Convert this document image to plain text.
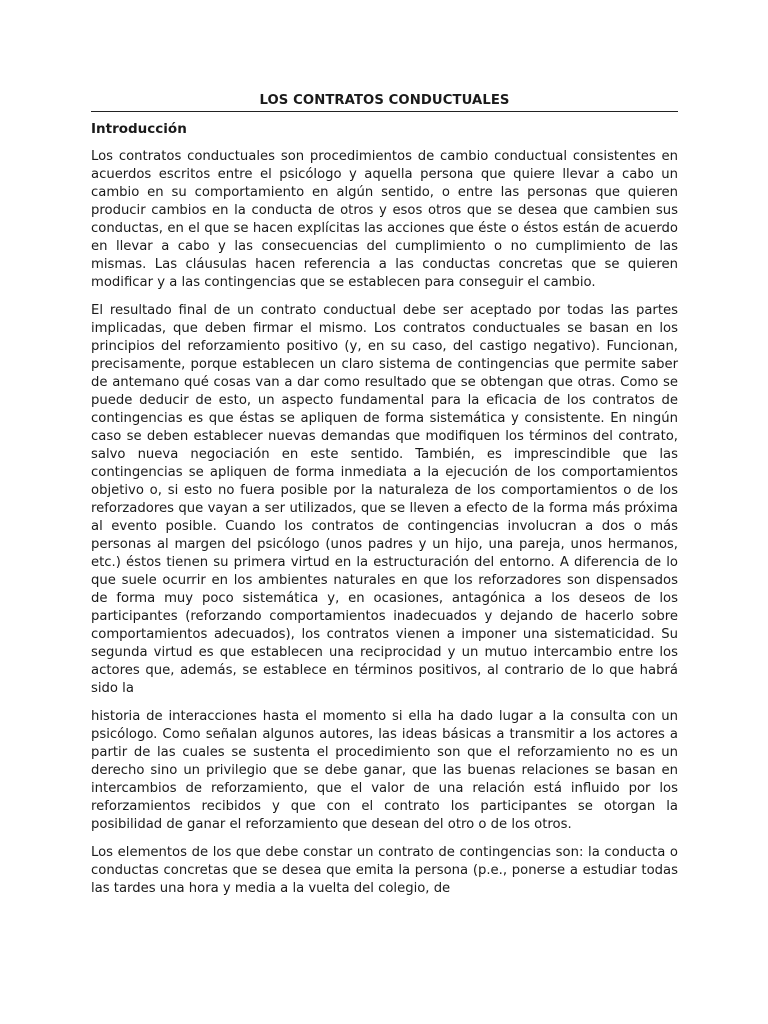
LOS CONTRATOS CONDUCTUALES
Introducción

Los contratos conductuales son procedimientos de cambio conductual consistentes en acuerdos escritos entre el psicólogo y aquella persona que quiere llevar a cabo un cambio en su comportamiento en algún sentido, o entre las personas que quieren producir cambios en la conducta de otros y esos otros que se desea que cambien sus conductas, en el que se hacen explícitas las acciones que éste o éstos están de acuerdo en llevar a cabo y las consecuencias del cumplimiento o no cumplimiento de las mismas. Las cláusulas hacen referencia a las conductas concretas que se quieren modificar y a las contingencias que se establecen para conseguir el cambio.

El resultado final de un contrato conductual debe ser aceptado por todas las partes implicadas, que deben firmar el mismo. Los contratos conductuales se basan en los principios del reforzamiento positivo (y, en su caso, del castigo negativo). Funcionan, precisamente, porque establecen un claro sistema de contingencias que permite saber de antemano qué cosas van a dar como resultado que se obtengan que otras. Como se puede deducir de esto, un aspecto fundamental para la eficacia de los contratos de contingencias es que éstas se apliquen de forma sistemática y consistente. En ningún caso se deben establecer nuevas demandas que modifiquen los términos del contrato, salvo nueva negociación en este sentido. También, es imprescindible que las contingencias se apliquen de forma inmediata a la ejecución de los comportamientos objetivo o, si esto no fuera posible por la naturaleza de los comportamientos o de los reforzadores que vayan a ser utilizados, que se lleven a efecto de la forma más próxima al evento posible. Cuando los contratos de contingencias involucran a dos o más personas al margen del psicólogo (unos padres y un hijo, una pareja, unos hermanos, etc.) éstos tienen su primera virtud en la estructuración del entorno. A diferencia de lo que suele ocurrir en los ambientes naturales en que los reforzadores son dispensados de forma muy poco sistemática y, en ocasiones, antagónica a los deseos de los participantes (reforzando comportamientos inadecuados y dejando de hacerlo sobre comportamientos adecuados), los contratos vienen a imponer una sistematicidad. Su segunda virtud es que establecen una reciprocidad y un mutuo intercambio entre los actores que, además, se establece en términos positivos, al contrario de lo que habrá sido la

historia de interacciones hasta el momento si ella ha dado lugar a la consulta con un psicólogo. Como señalan algunos autores, las ideas básicas a transmitir a los actores a partir de las cuales se sustenta el procedimiento son que el reforzamiento no es un derecho sino un privilegio que se debe ganar, que las buenas relaciones se basan en intercambios de reforzamiento, que el valor de una relación está influido por los reforzamientos recibidos y que con el contrato los participantes se otorgan la posibilidad de ganar el reforzamiento que desean del otro o de los otros.

Los elementos de los que debe constar un contrato de contingencias son: la conducta o conductas concretas que se desea que emita la persona (p.e., ponerse a estudiar todas las tardes una hora y media a la vuelta del colegio, de
